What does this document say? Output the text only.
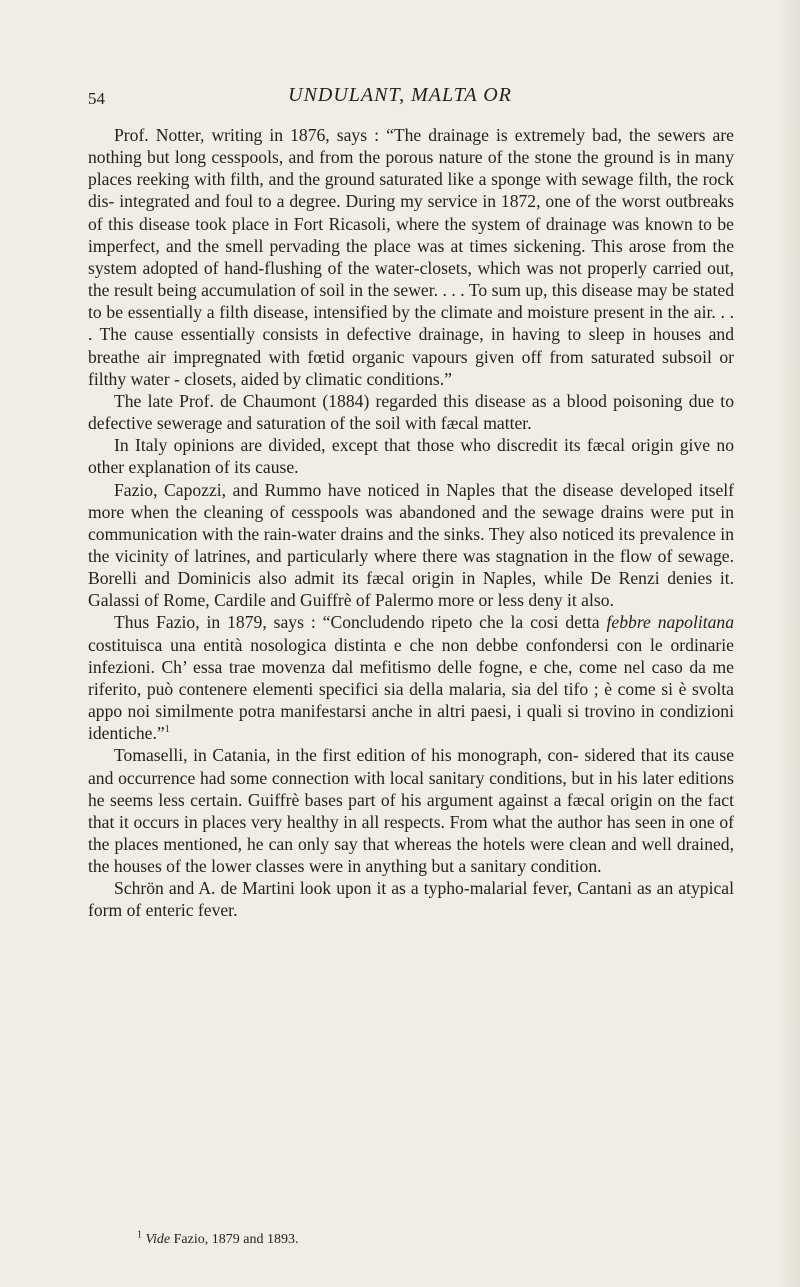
54	UNDULANT, MALTA OR

Prof. Notter, writing in 1876, says : “The drainage is extremely bad, the sewers are nothing but long cesspools, and from the porous nature of the stone the ground is in many places reeking with filth, and the ground saturated like a sponge with sewage filth, the rock dis- integrated and foul to a degree. During my service in 1872, one of the worst outbreaks of this disease took place in Fort Ricasoli, where the system of drainage was known to be imperfect, and the smell pervading the place was at times sickening. This arose from the system adopted of hand-flushing of the water-closets, which was not properly carried out, the result being accumulation of soil in the sewer. . . . To sum up, this disease may be stated to be essentially a filth disease, intensified by the climate and moisture present in the air. . . . The cause essentially consists in defective drainage, in having to sleep in houses and breathe air impregnated with fœtid organic vapours given off from saturated subsoil or filthy water - closets, aided by climatic conditions.”

The late Prof. de Chaumont (1884) regarded this disease as a blood poisoning due to defective sewerage and saturation of the soil with fæcal matter.

In Italy opinions are divided, except that those who discredit its fæcal origin give no other explanation of its cause.

Fazio, Capozzi, and Rummo have noticed in Naples that the disease developed itself more when the cleaning of cesspools was abandoned and the sewage drains were put in communication with the rain-water drains and the sinks. They also noticed its prevalence in the vicinity of latrines, and particularly where there was stagnation in the flow of sewage. Borelli and Dominicis also admit its fæcal origin in Naples, while De Renzi denies it. Galassi of Rome, Cardile and Guiffrè of Palermo more or less deny it also.

Thus Fazio, in 1879, says : “Concludendo ripeto che la cosi detta febbre napolitana costituisca una entità nosologica distinta e che non debbe confondersi con le ordinarie infezioni. Ch’ essa trae movenza dal mefitismo delle fogne, e che, come nel caso da me riferito, può contenere elementi specifici sia della malaria, sia del tifo ; è come si è svolta appo noi similmente potra manifestarsi anche in altri paesi, i quali si trovino in condizioni identiche.”$^1$

Tomaselli, in Catania, in the first edition of his monograph, con- sidered that its cause and occurrence had some connection with local sanitary conditions, but in his later editions he seems less certain. Guiffrè bases part of his argument against a fæcal origin on the fact that it occurs in places very healthy in all respects. From what the author has seen in one of the places mentioned, he can only say that whereas the hotels were clean and well drained, the houses of the lower classes were in anything but a sanitary condition.

Schrön and A. de Martini look upon it as a typho-malarial fever, Cantani as an atypical form of enteric fever.

$^1$ Vide Fazio, 1879 and 1893.
